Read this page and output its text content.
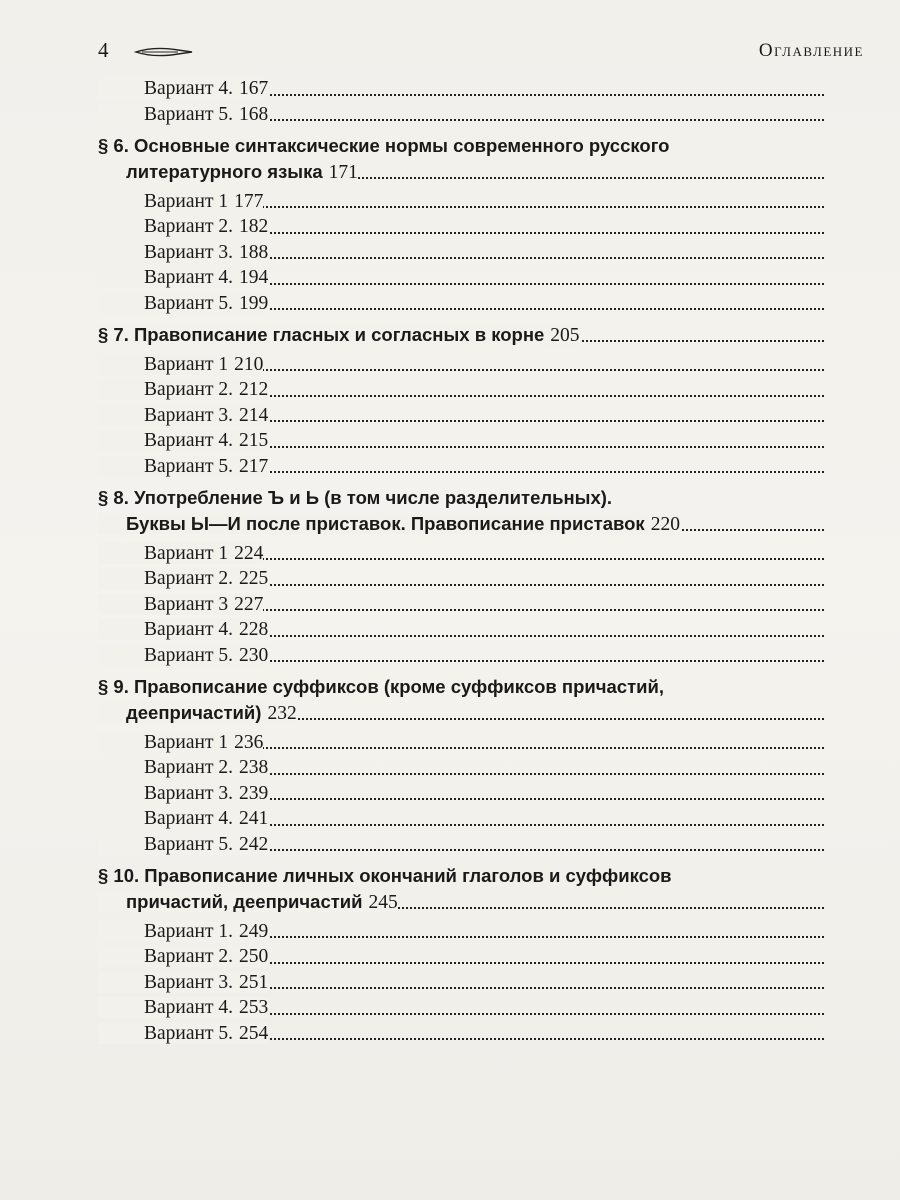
4	Оглавление
Вариант 4. 167
Вариант 5. 168
§ 6. Основные синтаксические нормы современного русского
литературного языка 171
Вариант 1 177
Вариант 2. 182
Вариант 3. 188
Вариант 4. 194
Вариант 5. 199
§ 7. Правописание гласных и согласных в корне 205
Вариант 1 210
Вариант 2. 212
Вариант 3. 214
Вариант 4. 215
Вариант 5. 217
§ 8. Употребление Ъ и Ь (в том числе разделительных).
Буквы Ы—И после приставок. Правописание приставок 220
Вариант 1 224
Вариант 2. 225
Вариант 3 227
Вариант 4. 228
Вариант 5. 230
§ 9. Правописание суффиксов (кроме суффиксов причастий,
деепричастий) 232
Вариант 1 236
Вариант 2. 238
Вариант 3. 239
Вариант 4. 241
Вариант 5. 242
§ 10. Правописание личных окончаний глаголов и суффиксов
причастий, деепричастий 245
Вариант 1. 249
Вариант 2. 250
Вариант 3. 251
Вариант 4. 253
Вариант 5. 254
